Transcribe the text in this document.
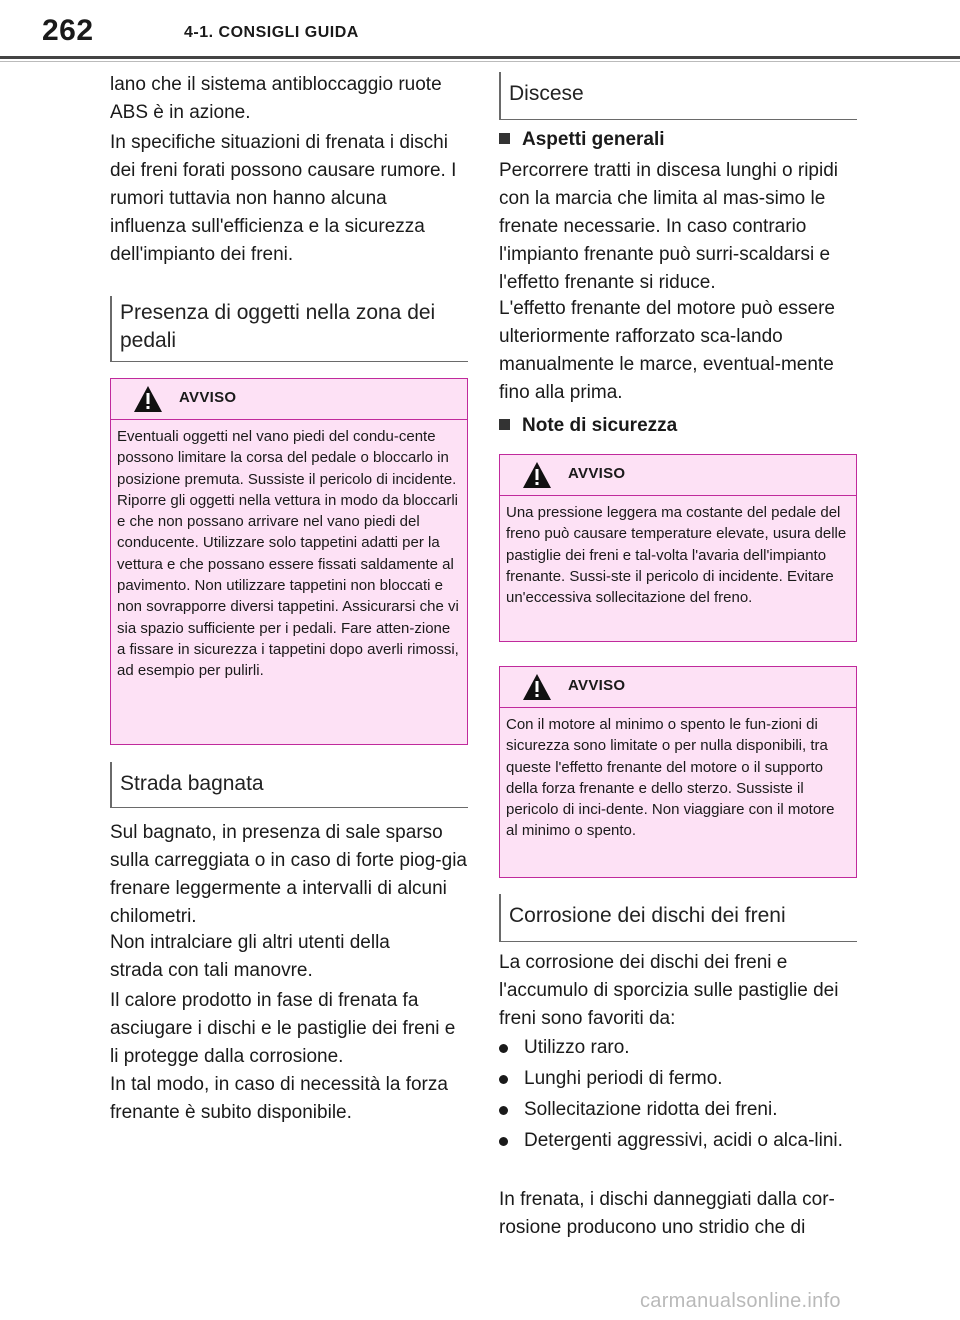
262	4-1. CONSIGLI GUIDA

lano che il sistema antibloccaggio ruote ABS è in azione.

In specifiche situazioni di frenata i dischi dei freni forati possono causare rumore. I rumori tuttavia non hanno alcuna influenza sull'efficienza e la sicurezza dell'impianto dei freni.

Presenza di oggetti nella zona dei pedali
AVVISO
Eventuali oggetti nel vano piedi del condu-cente possono limitare la corsa del pedale o bloccarlo in posizione premuta. Sussiste il pericolo di incidente. Riporre gli oggetti nella vettura in modo da bloccarli e che non possano arrivare nel vano piedi del conducente. Utilizzare solo tappetini adatti per la vettura e che possano essere fissati saldamente al pavimento. Non utilizzare tappetini non bloccati e non sovrapporre diversi tappetini. Assicurarsi che vi sia spazio sufficiente per i pedali. Fare atten-zione a fissare in sicurezza i tappetini dopo averli rimossi, ad esempio per pulirli.
Strada bagnata

Sul bagnato, in presenza di sale sparso sulla carreggiata o in caso di forte piog-gia frenare leggermente a intervalli di alcuni chilometri.

Non intralciare gli altri utenti della strada con tali manovre.

Il calore prodotto in fase di frenata fa asciugare i dischi e le pastiglie dei freni e li protegge dalla corrosione.

In tal modo, in caso di necessità la forza frenante è subito disponibile.

Discese
Aspetti generali

Percorrere tratti in discesa lunghi o ripidi con la marcia che limita al mas-simo le frenate necessarie. In caso contrario l'impianto frenante può surri-scaldarsi e l'effetto frenante si riduce.

L'effetto frenante del motore può essere ulteriormente rafforzato sca-lando manualmente le marce, eventual-mente fino alla prima.

Note di sicurezza
AVVISO
Una pressione leggera ma costante del pedale del freno può causare temperature elevate, usura delle pastiglie dei freni e tal-volta l'avaria dell'impianto frenante. Sussi-ste il pericolo di incidente. Evitare un'eccessiva sollecitazione del freno.
AVVISO
Con il motore al minimo o spento le fun-zioni di sicurezza sono limitate o per nulla disponibili, tra queste l'effetto frenante del motore o il supporto della forza frenante e dello sterzo. Sussiste il pericolo di inci-dente. Non viaggiare con il motore al minimo o spento.
Corrosione dei dischi dei freni

La corrosione dei dischi dei freni e l'accumulo di sporcizia sulle pastiglie dei freni sono favoriti da:

Utilizzo raro.
Lunghi periodi di fermo.
Sollecitazione ridotta dei freni.
Detergenti aggressivi, acidi o alca-lini.

In frenata, i dischi danneggiati dalla cor-rosione producono uno stridio che di

carmanualsonline.info
